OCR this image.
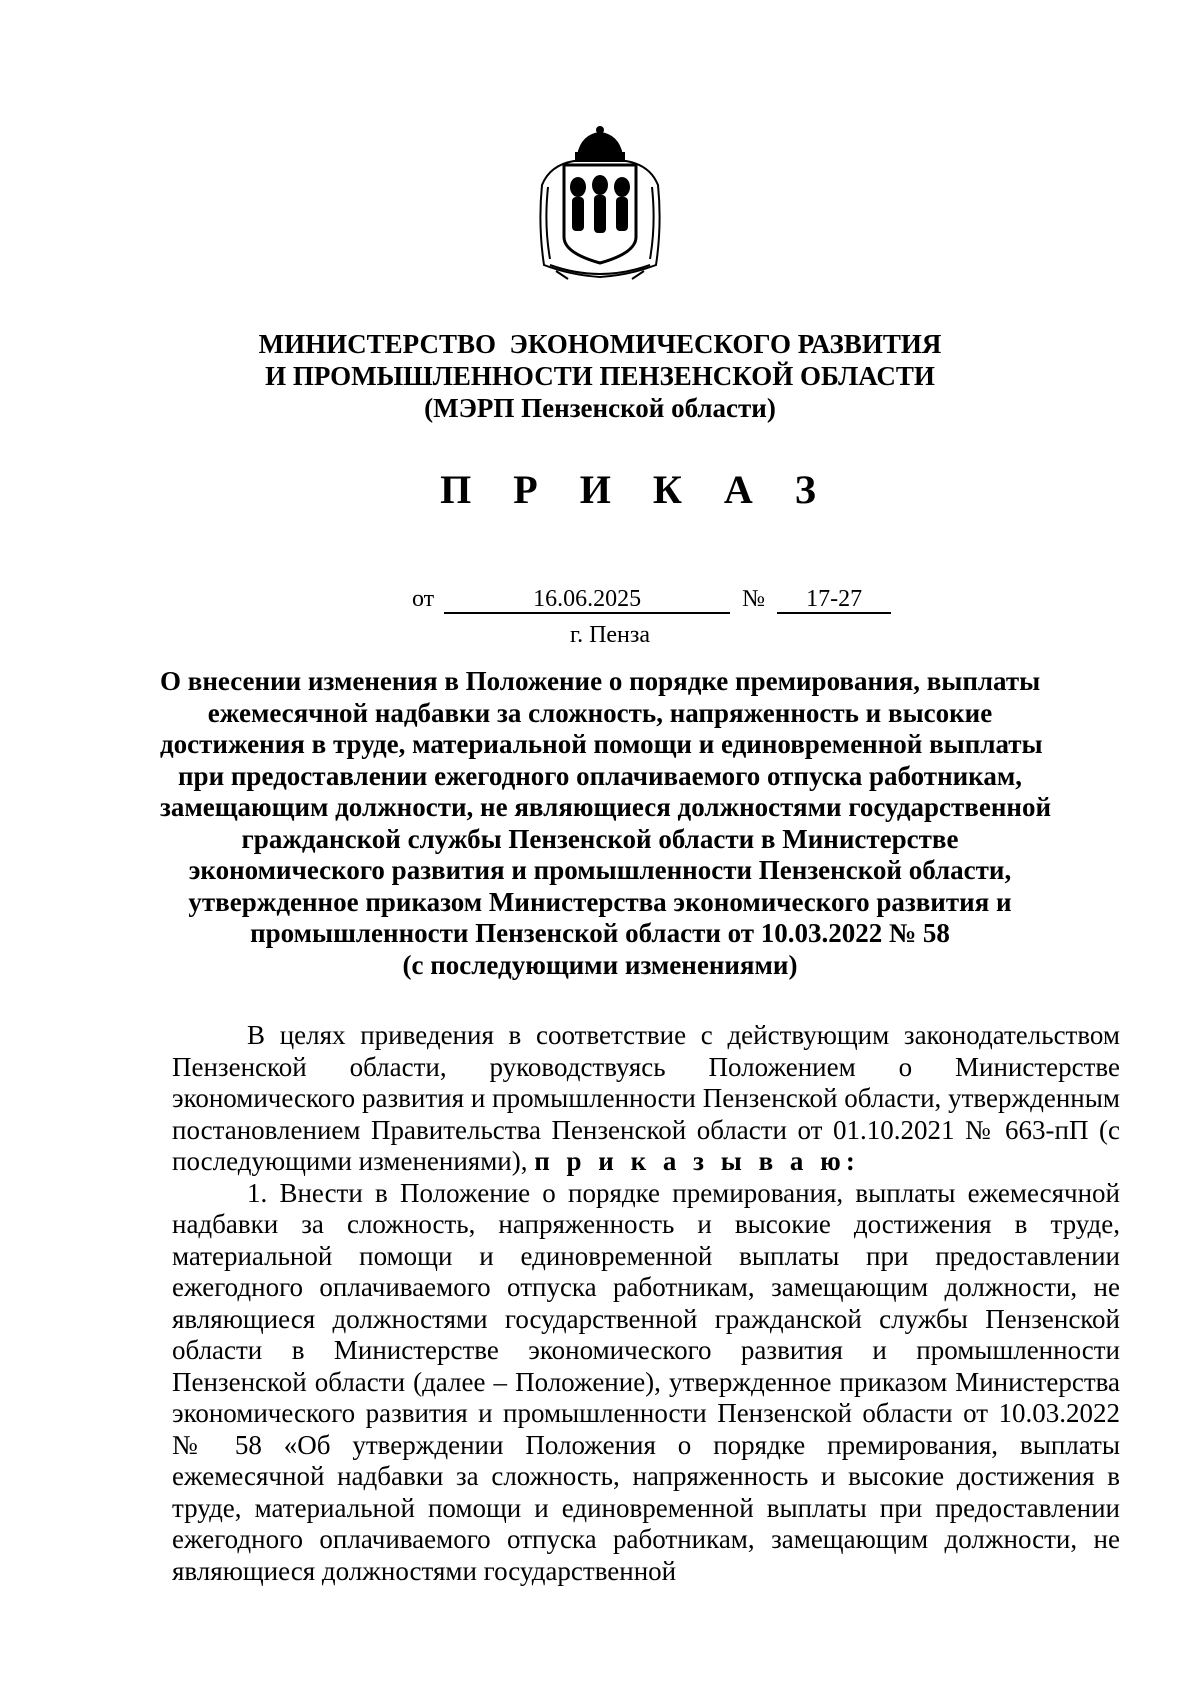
МИНИСТЕРСТВО  ЭКОНОМИЧЕСКОГО РАЗВИТИЯ
И ПРОМЫШЛЕННОСТИ ПЕНЗЕНСКОЙ ОБЛАСТИ
(МЭРП Пензенской области)
П Р И К А З
от	16.06.2025	№ 17-27
г. Пенза
О внесении изменения в Положение о порядке премирования, выплаты
ежемесячной надбавки за сложность, напряженность и высокие
достижения в труде, материальной помощи и единовременной выплаты
при предоставлении ежегодного оплачиваемого отпуска работникам,
замещающим должности, не являющиеся должностями государственной
гражданской службы Пензенской области в Министерстве
экономического развития и промышленности Пензенской области,
утвержденное приказом Министерства экономического развития и
промышленности Пензенской области от 10.03.2022 № 58
(с последующими изменениями)

В целях приведения в соответствие с действующим законодательством Пензенской области, руководствуясь Положением о Министерстве экономического развития и промышленности Пензенской области, утвержденным постановлением Правительства Пензенской области от 01.10.2021 № 663-пП (с последующими изменениями), п р и к а з ы в а ю:

1. Внести в Положение о порядке премирования, выплаты ежемесячной надбавки за сложность, напряженность и высокие достижения в труде, материальной помощи и единовременной выплаты при предоставлении ежегодного оплачиваемого отпуска работникам, замещающим должности, не являющиеся должностями государственной гражданской службы Пензенской области в Министерстве экономического развития и промышленности Пензенской области (далее – Положение), утвержденное приказом Министерства экономического развития и промышленности Пензенской области от 10.03.2022 № 58 «Об утверждении Положения о порядке премирования, выплаты ежемесячной надбавки за сложность, напряженность и высокие достижения в труде, материальной помощи и единовременной выплаты при предоставлении ежегодного оплачиваемого отпуска работникам, замещающим должности, не являющиеся должностями государственной
